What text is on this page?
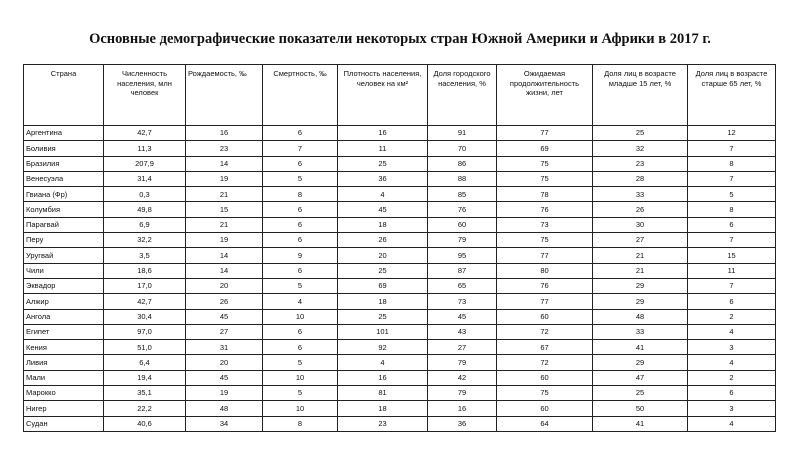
Основные демографические показатели некоторых стран Южной Америки и Африки в 2017 г.
Страна	Численность населения, млн человек	Рождаемость, ‰	Смертность, ‰	Плотность населения, человек на км²	Доля городского населения, %	Ожидаемая продолжительность жизни, лет	Доля лиц в возрасте младше 15 лет, %	Доля лиц в возрасте старше 65 лет, %
Аргентина	42,7	16	6	16	91	77	25	12
Боливия	11,3	23	7	11	70	69	32	7
Бразилия	207,9	14	6	25	86	75	23	8
Венесуэла	31,4	19	5	36	88	75	28	7
Гвиана (Фр)	0,3	21	8	4	85	78	33	5
Колумбия	49,8	15	6	45	76	76	26	8
Парагвай	6,9	21	6	18	60	73	30	6
Перу	32,2	19	6	26	79	75	27	7
Уругвай	3,5	14	9	20	95	77	21	15
Чили	18,6	14	6	25	87	80	21	11
Эквадор	17,0	20	5	69	65	76	29	7
Алжир	42,7	26	4	18	73	77	29	6
Ангола	30,4	45	10	25	45	60	48	2
Египет	97,0	27	6	101	43	72	33	4
Кения	51,0	31	6	92	27	67	41	3
Ливия	6,4	20	5	4	79	72	29	4
Мали	19,4	45	10	16	42	60	47	2
Марокко	35,1	19	5	81	79	75	25	6
Нигер	22,2	48	10	18	16	60	50	3
Судан	40,6	34	8	23	36	64	41	4
